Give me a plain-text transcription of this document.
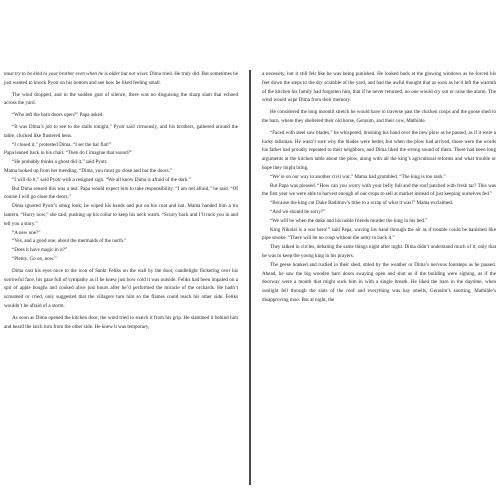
must try to be kind to your brother even when he is older but not wiser. Dima tried. He truly did. But sometimes he just wanted to knock Pyotr on his bottom and see how he liked feeling small.

The wind dropped, and in the sudden gust of silence, there was no disguising the sharp slam that echoed across the yard.

“Who left the barn doors open?” Papa asked.

“It was Dima’s job to see to the stalls tonight,” Pyotr said virtuously, and his brothers, gathered around the table, clucked like flustered hens.

“I closed it,” protested Dima. “I set the bar flat!”

Papa leaned back in his chair. “Then do I imagine that sound?”

“He probably thinks a ghost did it,” said Pyotr.

Mama looked up from her mending. “Dima, you must go close and bar the doors.”

“I will do it,” said Pyotr with a resigned sigh. “We all know Dima is afraid of the dark.”

But Dima sensed this was a test. Papa would expect him to take responsibility. “I am not afraid,” he said. “Of course I will go close the doors.”

Dima ignored Pyotr’s smug look; he wiped his hands and put on his coat and hat. Mama handed him a tin lantern. “Hurry now,” she said, pushing up his collar to keep his neck warm. “Scurry back and I’ll tuck you in and tell you a story.”

“A new one?”

“Yes, and a good one, about the mermaids of the north.”

“Does it have magic in it?”

“Plenty. Go on, now.”

Dima cast his eyes once to the icon of Sankt Feliks on the wall by the door, candlelight flickering over his sorrowful face, his gaze full of sympathy as if he knew just how cold it was outside. Feliks had been impaled on a spit of apple boughs and cooked alive just hours after he’d performed the miracle of the orchards. He hadn’t screamed or cried, only suggested that the villagers turn him so the flames could reach his other side. Feliks wouldn’t be afraid of a storm.

As soon as Dima opened the kitchen door, the wind tried to snatch it from his grip. He slammed it behind him and heard the latch turn from the other side. He knew it was temporary,

a necessity, but it still felt like he was being punished. He looked back at the glowing windows as he forced his feet down the steps to the dry scrabble of the yard, and had the awful thought that as soon as he’d left the warmth of the kitchen his family had forgotten him, that if he never returned, no one would cry out or raise the alarm. The wind would wipe Dima from their memory.

He considered the long moonlit stretch he would have to traverse past the chicken coops and the goose shed to the barn, where they sheltered their old horse, Gerasim, and their cow, Mathilde.

“Faced with steel saw blades,” he whispered, brushing his hand over the new plow as he passed, as if it were a lucky talisman. He wasn’t sure why the blades were better, but when the plow had arrived, those were the words his father had proudly repeated to their neighbors, and Dima liked the strong sound of them. There had been long arguments at the kitchen table about the plow, along with all the king’s agricultural reforms and what trouble or hope they might bring.

“We’re on our way to another civil war,” Mama had grumbled. “The king is too rash.”

But Papa was pleased. “How can you worry with your belly full and the roof patched with fresh tar? This was the first year we were able to harvest enough of our crops to sell at market instead of just keeping ourselves fed.”

“Because the king cut Duke Radimov’s tithe to a scrap of what it was!” Mama exclaimed.

“And we should be sorry?”

“We will be when the duke and his noble friends murder the king in his bed.”

King Nikolai is a war hero!” said Papa, waving his hand through the air as if trouble could be banished like pipe smoke. “There will be no coup without the army to back it.”

They talked in circles, debating the same things night after night. Dima didn’t understand much of it, only that he was to keep the young king in his prayers.

The geese honked and rustled in their shed, stiled by the weather or Dima’s nervous footsteps as he passed. Ahead, he saw the big wooden barn doors swaying open and shut as if the building were sighing, as if the doorway were a mouth that might suck him in with a single breath. He liked the barn in the daytime, when sunlight fell through the slats of the roof and everything was hay smells, Gerasim’s snorting, Mathilde’s disapproving moo. But at night, the
